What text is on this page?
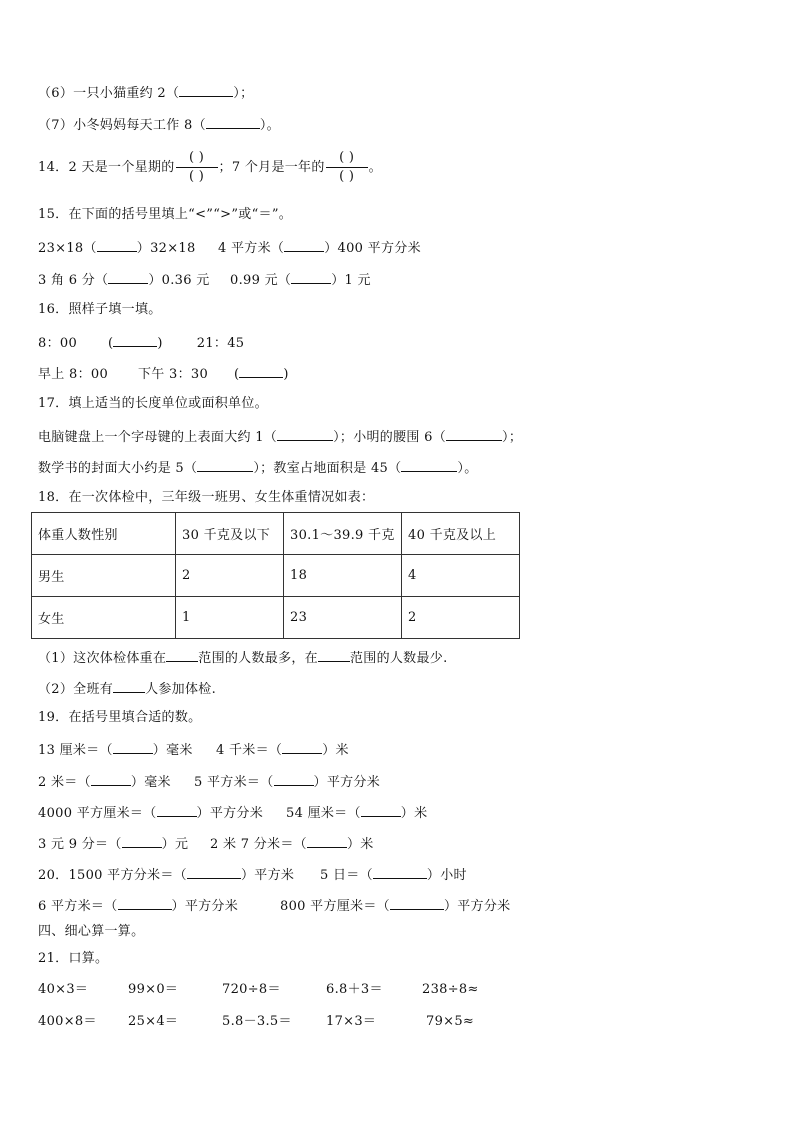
（6）一只小猫重约 2（	）；
（7）小冬妈妈每天工作 8（	）。
14．2 天是一个星期的 $\frac{( )}{( )}$ ；7 个月是一年的 $\frac{( )}{( )}$ 。
15．在下面的括号里填上“<”“>”或“＝”。
23×18（	）32×18 4 平方米（	）400 平方分米
3 角 6 分（	）0.36 元 0.99 元（	）1 元
16．照样子填一填。
8：00 (	)	21：45
早上 8：00 下午 3：30 (	)
17．填上适当的长度单位或面积单位。
电脑键盘上一个字母键的上表面大约 1（	）；小明的腰围 6（	）；
数学书的封面大小约是 5（	）；教室占地面积是 45（	）。
18．在一次体检中，三年级一班男、女生体重情况如表：
体重人数性别	30 千克及以下	30.1～39.9 千克	40 千克及以上
男生	2	18	4
女生	1	23	2
（1）这次体检体重在 范围的人数最多，在 范围的人数最少.
（2）全班有 人参加体检.
19．在括号里填合适的数。
13 厘米＝（	）毫米 4 千米＝（	）米
2 米＝（	）毫米 5 平方米＝（	）平方分米
4000 平方厘米＝（	）平方分米 54 厘米＝（	）米
3 元 9 分＝（	）元 2 米 7 分米＝（	）米
20．1500 平方分米＝（	）平方米 5 日＝（	）小时
6 平方米＝（	）平方分米	800 平方厘米＝（	）平方分米
四、细心算一算。
21．口算。
40×3＝	99×0＝	720÷8＝	6.8＋3＝	238÷8≈
400×8＝ 25×4＝	5.8－3.5＝	17×3＝	79×5≈
